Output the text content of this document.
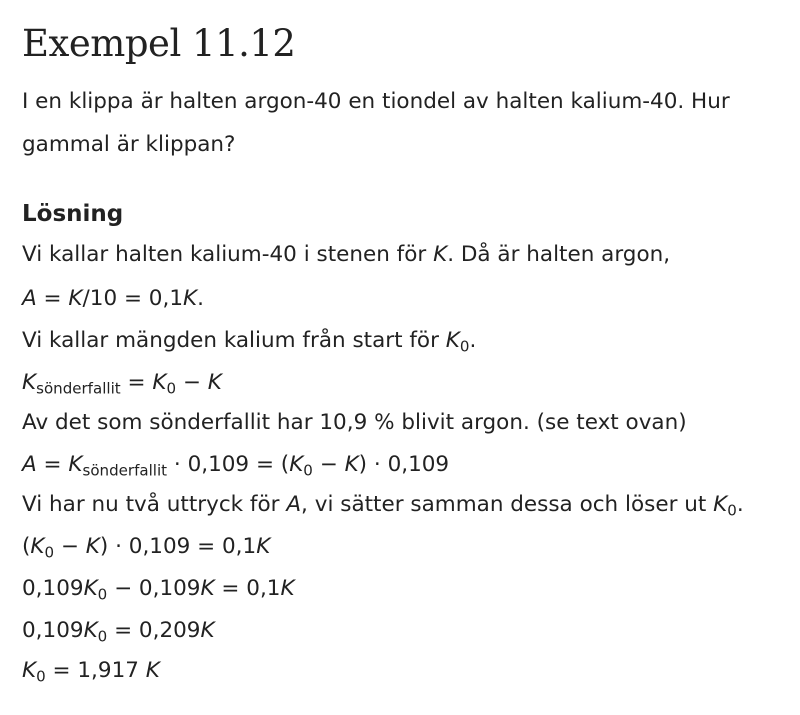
Exempel 11.12

I en klippa är halten argon-40 en tiondel av halten kalium-40. Hur gammal är klippan?

Lösning

Vi kallar halten kalium-40 i stenen för K. Då är halten argon,

A = K/10 = 0,1K.

Vi kallar mängden kalium från start för $K_0$.

$K_{sönderfallit} = K_0 - K$

Av det som sönderfallit har 10,9 % blivit argon. (se text ovan)

$A = K_{sönderfallit} \cdot 0,109 = (K_0 - K) \cdot 0,109$

Vi har nu två uttryck för A, vi sätter samman dessa och löser ut $K_0$.

$(K_0 - K) \cdot 0,109 = 0,1K$

$0,109K_0 - 0,109K = 0,1K$

$0,109K_0 = 0,209K$

$K_0 = 1,917$ K
